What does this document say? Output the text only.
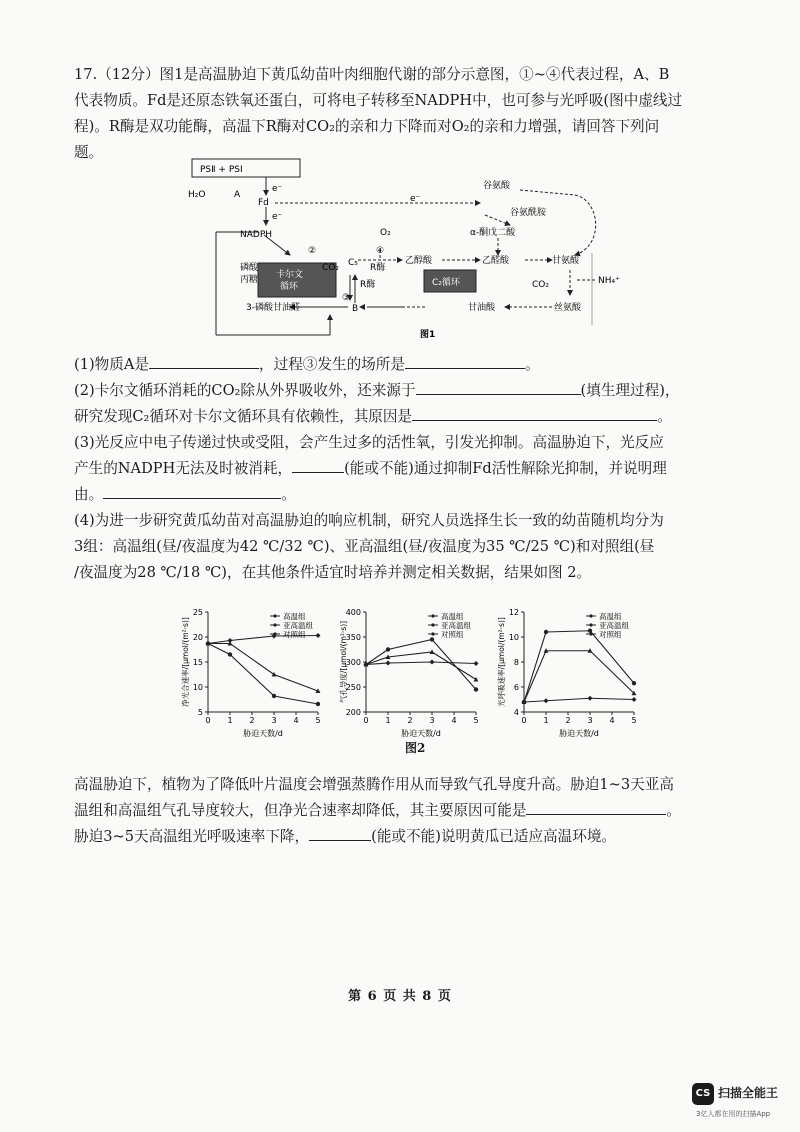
17.（12分）图1是高温胁迫下黄瓜幼苗叶肉细胞代谢的部分示意图，①~④代表过程，A、B
代表物质。Fd是还原态铁氧还蛋白，可将电子转移至NADPH中，也可参与光呼吸(图中虚线过
程)。R酶是双功能酶，高温下R酶对CO₂的亲和力下降而对O₂的亲和力增强，请回答下列问
题。
PSⅡ + PSⅠ
e⁻
e⁻
e⁻
H₂O	A
Fd
NADPH
②
③
④
O₂
磷酸
丙糖 卡尔文
循环
CO₂ C₅ R酶
R酶
乙醇酸
C₂循环
乙醛酸
谷氨酸
谷氨酰胺
α-酮戊二酸
甘氨酸
NH₄⁺
CO₂
丝氨酸
甘油酸
3-磷酸甘油醛	B
图1
(1)物质A是	，过程③发生的场所是	。
(2)卡尔文循环消耗的CO₂除从外界吸收外，还来源于	(填生理过程)，
研究发现C₂循环对卡尔文循环具有依赖性，其原因是	。
(3)光反应中电子传递过快或受阻，会产生过多的活性氧，引发光抑制。高温胁迫下，光反应
产生的NADPH无法及时被消耗，	(能或不能)通过抑制Fd活性解除光抑制，并说明理
由。	。
(4)为进一步研究黄瓜幼苗对高温胁迫的响应机制，研究人员选择生长一致的幼苗随机均分为
3组：高温组(昼/夜温度为42 ℃/32 ℃)、亚高温组(昼/夜温度为35 ℃/25 ℃)和对照组(昼
/夜温度为28 ℃/18 ℃)，在其他条件适宜时培养并测定相关数据，结果如图 2。
5
10
15
20
25
0 1 2 3 4 5
胁迫天数/d
净光合速率/[μmol/(m²·s)]
高温组
亚高温组
对照组
200
250
300
350
400
0 1 2 3 4 5
胁迫天数/d
气孔导度/[μmol/(m²·s)]
高温组
亚高温组
对照组
4
6
8
10
12
0 1 2 3 4 5
胁迫天数/d
光呼吸速率/[μmol/(m²·s)]
高温组
亚高温组
对照组
图2
高温胁迫下，植物为了降低叶片温度会增强蒸腾作用从而导致气孔导度升高。胁迫1~3天亚高
温组和高温组气孔导度较大，但净光合速率却降低，其主要原因可能是	。
胁迫3~5天高温组光呼吸速率下降，	(能或不能)说明黄瓜已适应高温环境。
第 6 页 共 8 页
CS 扫描全能王
3亿人都在用的扫描App
